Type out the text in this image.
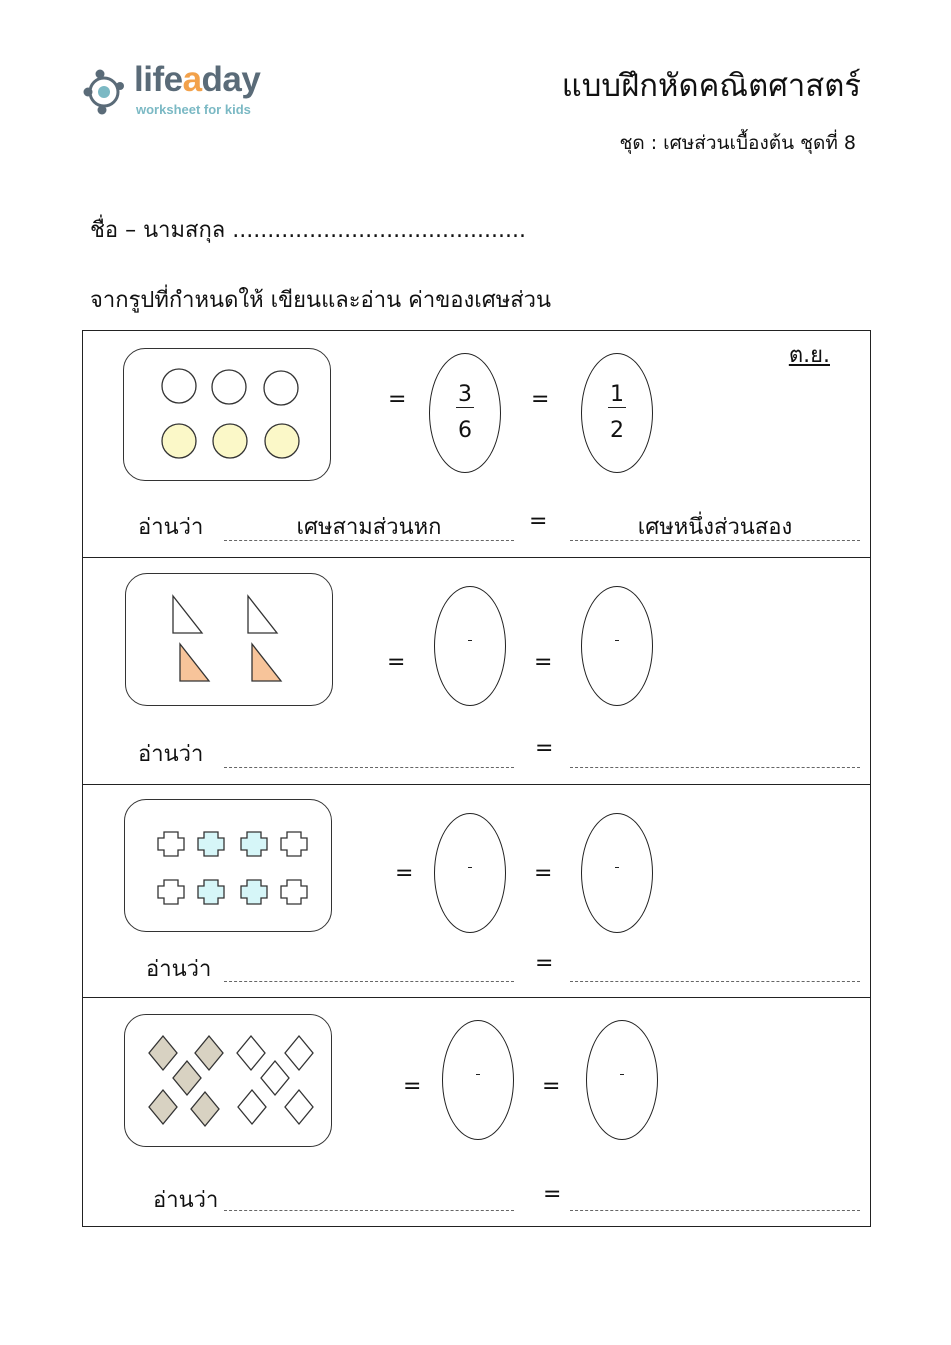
lifeaday
worksheet for kids
แบบฝึกหัดคณิตศาสตร์
ชุด : เศษส่วนเบื้องต้น ชุดที่ 8
ชื่อ – นามสกุล ..........................................
จากรูปที่กำหนดให้ เขียนและอ่าน ค่าของเศษส่วน
ต.ย.
=	3
6
=	1
2
อ่านว่า	เศษสามส่วนหก	=	เศษหนึ่งส่วนสอง
=	=
อ่านว่า	=
=	=
อ่านว่า	=
=	=
อ่านว่า	=
